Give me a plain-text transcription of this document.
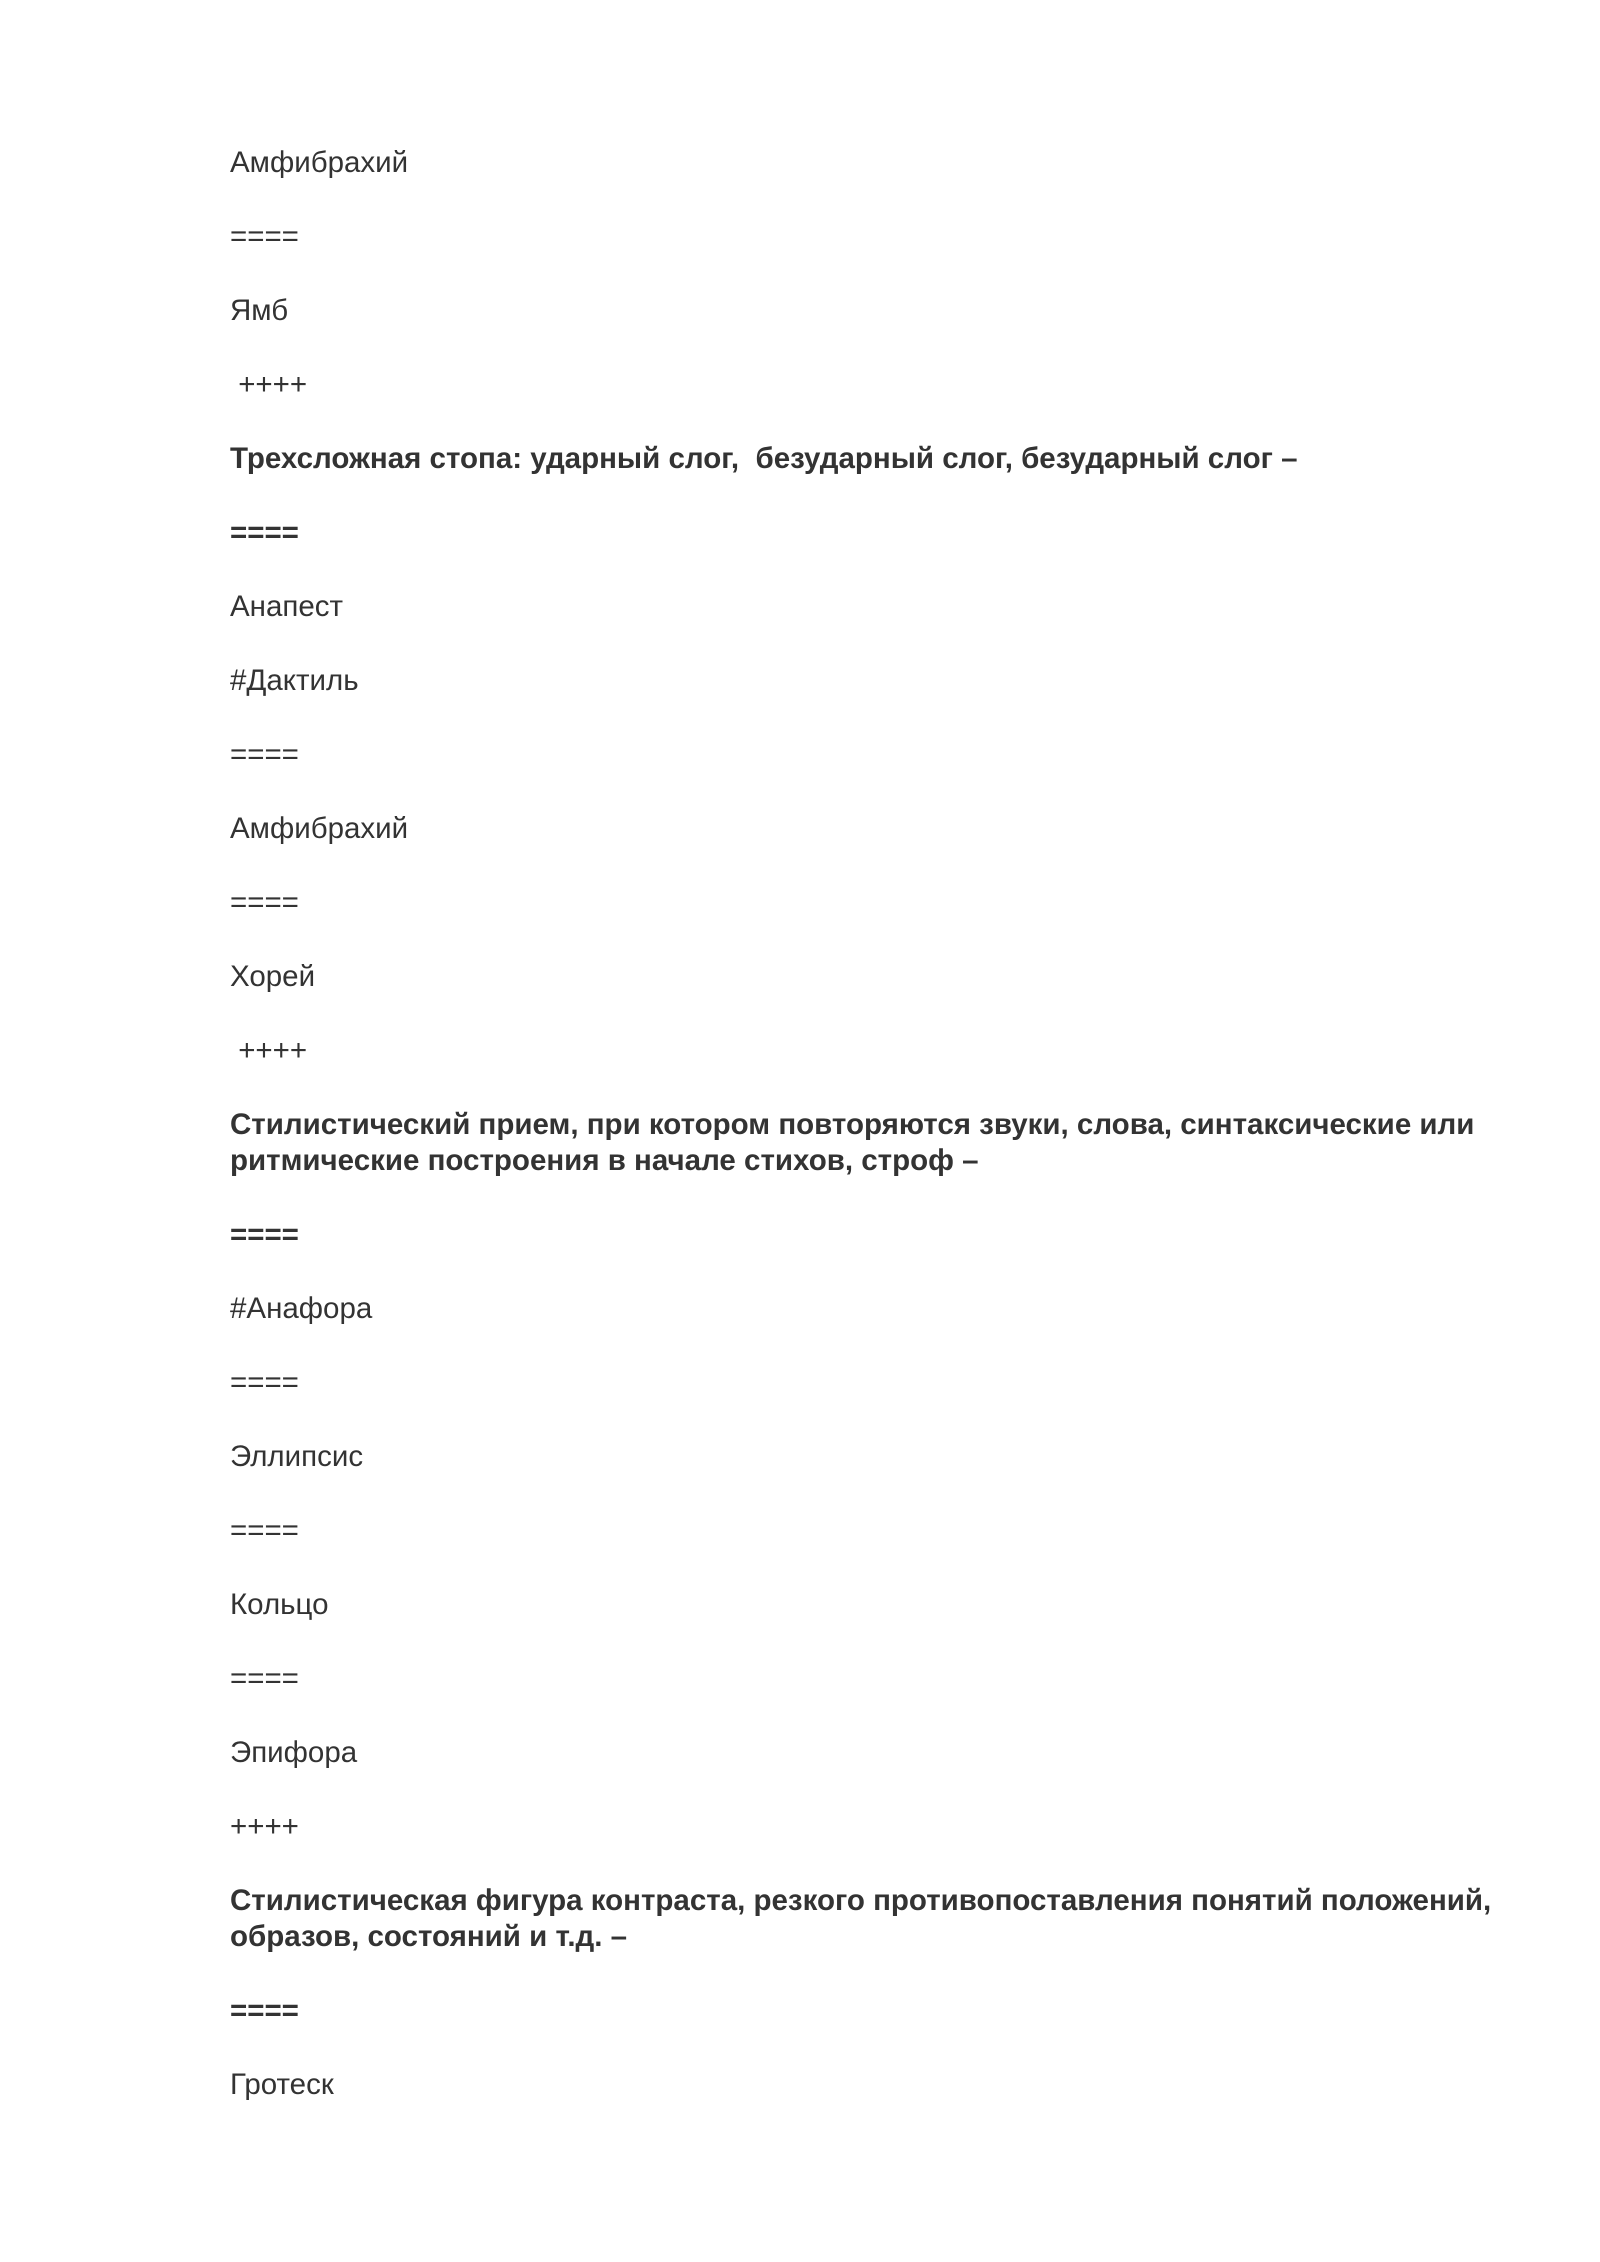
Амфибрахий

====

Ямб

++++

Трехсложная стопа: ударный слог,  безударный слог, безударный слог –

====

Анапест

#Дактиль

====

Амфибрахий

====

Хорей

++++

Стилистический прием, при котором повторяются звуки, слова, синтаксические или ритмические построения в начале стихов, строф –

====

#Анафора

====

Эллипсис

====

Кольцо

====

Эпифора

++++

Стилистическая фигура контраста, резкого противопоставления понятий положений, образов, состояний и т.д. –

====

Гротеск
